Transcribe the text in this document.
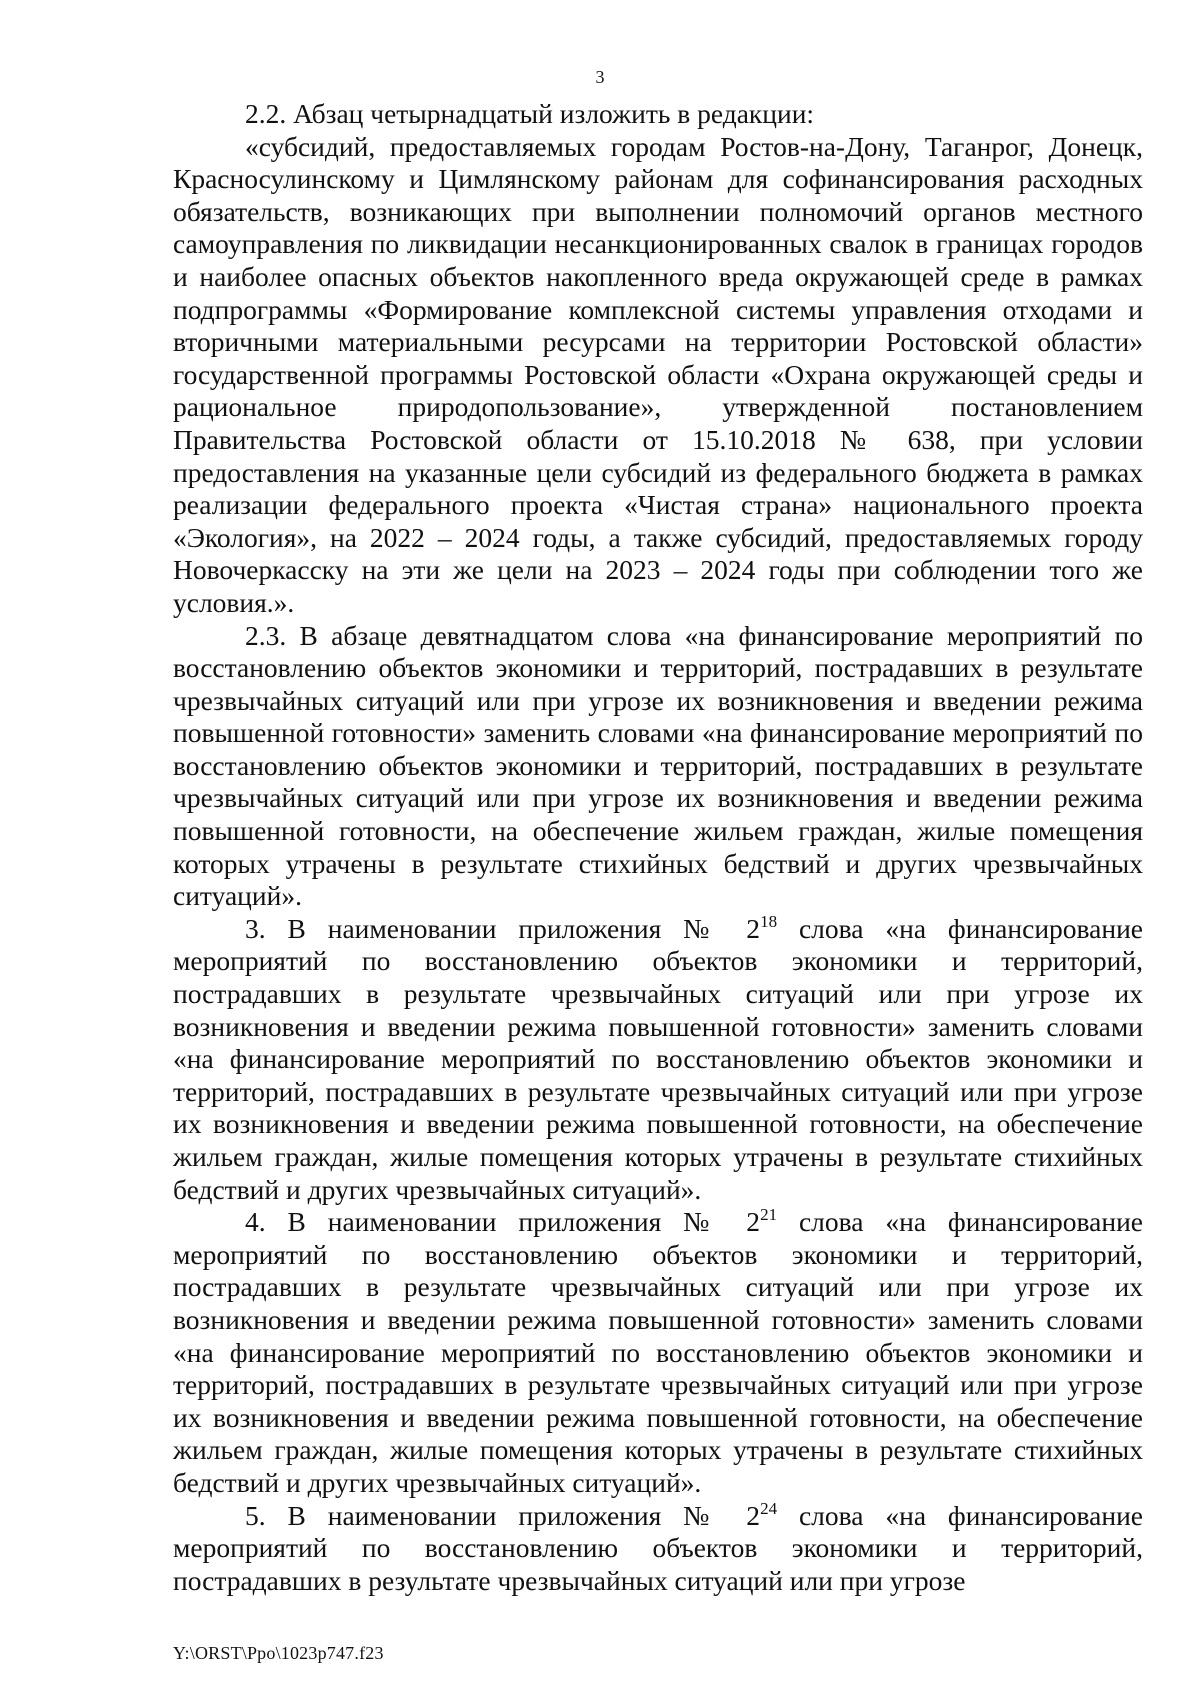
3

2.2. Абзац четырнадцатый изложить в редакции:

«субсидий, предоставляемых городам Ростов-на-Дону, Таганрог, Донецк, Красносулинскому и Цимлянскому районам для софинансирования расходных обязательств, возникающих при выполнении полномочий органов местного самоуправления по ликвидации несанкционированных свалок в границах городов и наиболее опасных объектов накопленного вреда окружающей среде в рамках подпрограммы «Формирование комплексной системы управления отходами и вторичными материальными ресурсами на территории Ростовской области» государственной программы Ростовской области «Охрана окружающей среды и рациональное природопользование», утвержденной постановлением Правительства Ростовской области от 15.10.2018 № 638, при условии предоставления на указанные цели субсидий из федерального бюджета в рамках реализации федерального проекта «Чистая страна» национального проекта «Экология», на 2022 – 2024 годы, а также субсидий, предоставляемых городу Новочеркасску на эти же цели на 2023 – 2024 годы при соблюдении того же условия.».

2.3. В абзаце девятнадцатом слова «на финансирование мероприятий по восстановлению объектов экономики и территорий, пострадавших в результате чрезвычайных ситуаций или при угрозе их возникновения и введении режима повышенной готовности» заменить словами «на финансирование мероприятий по восстановлению объектов экономики и территорий, пострадавших в результате чрезвычайных ситуаций или при угрозе их возникновения и введении режима повышенной готовности, на обеспечение жильем граждан, жилые помещения которых утрачены в результате стихийных бедствий и других чрезвычайных ситуаций».

3. В наименовании приложения № $2^{18}$ слова «на финансирование мероприятий по восстановлению объектов экономики и территорий, пострадавших в результате чрезвычайных ситуаций или при угрозе их возникновения и введении режима повышенной готовности» заменить словами «на финансирование мероприятий по восстановлению объектов экономики и территорий, пострадавших в результате чрезвычайных ситуаций или при угрозе их возникновения и введении режима повышенной готовности, на обеспечение жильем граждан, жилые помещения которых утрачены в результате стихийных бедствий и других чрезвычайных ситуаций».

4. В наименовании приложения № $2^{21}$ слова «на финансирование мероприятий по восстановлению объектов экономики и территорий, пострадавших в результате чрезвычайных ситуаций или при угрозе их возникновения и введении режима повышенной готовности» заменить словами «на финансирование мероприятий по восстановлению объектов экономики и территорий, пострадавших в результате чрезвычайных ситуаций или при угрозе их возникновения и введении режима повышенной готовности, на обеспечение жильем граждан, жилые помещения которых утрачены в результате стихийных бедствий и других чрезвычайных ситуаций».

5. В наименовании приложения № $2^{24}$ слова «на финансирование мероприятий по восстановлению объектов экономики и территорий, пострадавших в результате чрезвычайных ситуаций или при угрозе

Y:\ORST\Ppo\1023p747.f23
